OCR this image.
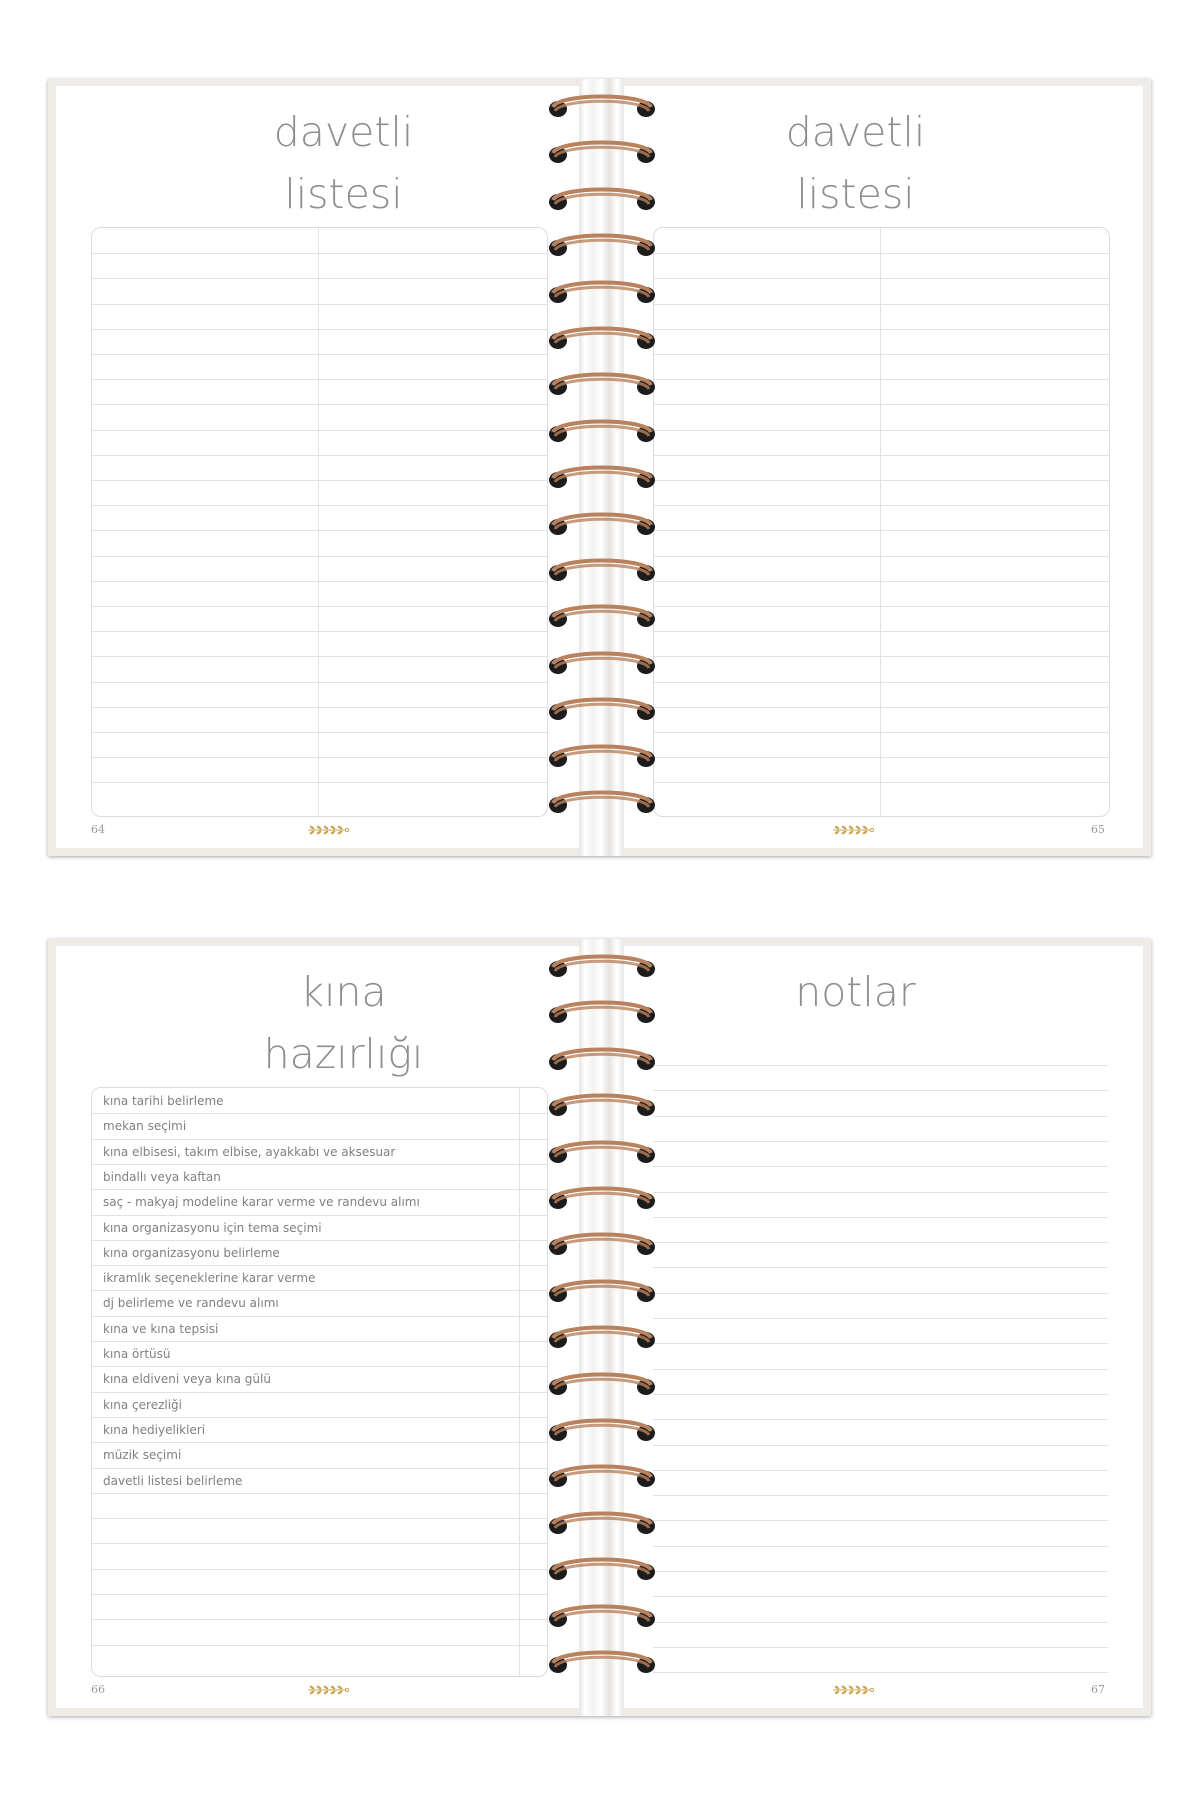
davetli
listesi
64
davetli
listesi
65
kına
hazırlığı
kına tarihi belirleme
mekan seçimi
kına elbisesi, takım elbise, ayakkabı ve aksesuar
bindallı veya kaftan
saç - makyaj modeline karar verme ve randevu alımı
kına organizasyonu için tema seçimi
kına organizasyonu belirleme
ikramlık seçeneklerine karar verme
dj belirleme ve randevu alımı
kına ve kına tepsisi
kına örtüsü
kına eldiveni veya kına gülü
kına çerezliği
kına hediyelikleri
müzik seçimi
davetli listesi belirleme
66
notlar
67
